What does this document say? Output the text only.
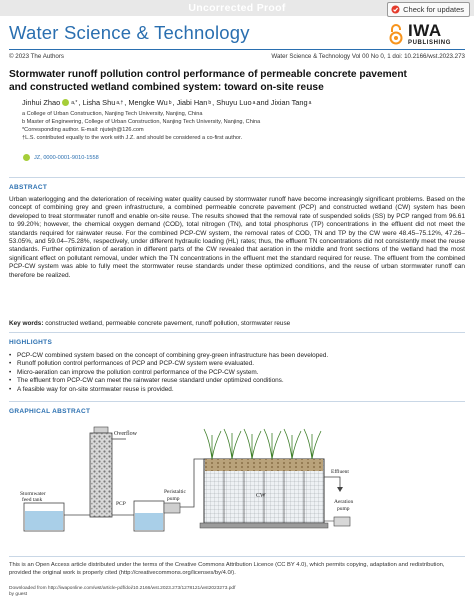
Uncorrected Proof	Check for updates
Water Science & Technology	IWA
PUBLISHING
© 2023 The Authors	Water Science & Technology Vol 00 No 0, 1 doi: 10.2166/wst.2023.273
Stormwater runoff pollution control performance of permeable concrete pavement
and constructed wetland combined system: toward on-site reuse
Jinhui Zhao a,* , Lisha Shu a,† , Mengke Wu b , Jiabi Han b , Shuyu Luo a and Jixian Tang a
a College of Urban Construction, Nanjing Tech University, Nanjing, China
b Master of Engineering, College of Urban Construction, Nanjing Tech University, Nanjing, China
*Corresponding author. E-mail: njutejh@126.com
†L.S. contributed equally to the work with J.Z. and should be considered a co-first author.
JZ, 0000-0001-9010-1558
ABSTRACT
Urban waterlogging and the deterioration of receiving water quality caused by stormwater runoff have become increasingly significant problems. Based on the concept of combining grey and green infrastructure, a combined permeable concrete pavement (PCP) and constructed wetland (CW) system has been developed to treat stormwater runoff and enable on-site reuse. The results showed that the removal rate of suspended solids (SS) by PCP ranged from 96.61 to 99.20%; however, the chemical oxygen demand (COD), total nitrogen (TN), and total phosphorus (TP) concentrations in the effluent did not meet the standards required for rainwater reuse. For the combined PCP-CW system, the removal rates of COD, TN and TP by the CW were 48.45–75.12%, 47.26–53.05%, and 59.04–75.28%, respectively, under different hydraulic loading (HL) rates; thus, the effluent TN concentrations did not consistently meet the reuse standards. Further optimization of aeration in different parts of the CW revealed that aeration in the middle and front sections of the wetland had the most significant effect on pollutant removal, under which the TN concentrations in the effluent met the standard required for reuse. The effluent from the combined PCP-CW system was able to fully meet the stormwater reuse standards under these optimized conditions, and the reuse of urban stormwater runoff can therefore be realized.
Key words: constructed wetland, permeable concrete pavement, runoff pollution, stormwater reuse
HIGHLIGHTS
• PCP-CW combined system based on the concept of combining grey-green infrastructure has been developed.
• Runoff pollution control performances of PCP and PCP-CW system were evaluated.
• Micro-aeration can improve the pollution control performance of the PCP-CW system.
• The effluent from PCP-CW can meet the rainwater reuse standard under optimized conditions.
• A feasible way for on-site stormwater reuse is provided.
GRAPHICAL ABSTRACT
Overflow
Peristaltic
pump
PCP
CW
Effluent
Aeration
pump
Stormwater
feed tank
This is an Open Access article distributed under the terms of the Creative Commons Attribution Licence (CC BY 4.0), which permits copying, adaptation and redistribution, provided the original work is properly cited (http://creativecommons.org/licenses/by/4.0/).
Downloaded from http://iwaponline.com/wst/article-pdf/doi/10.2166/wst.2023.273/1278121/wst2023273.pdf
by guest
